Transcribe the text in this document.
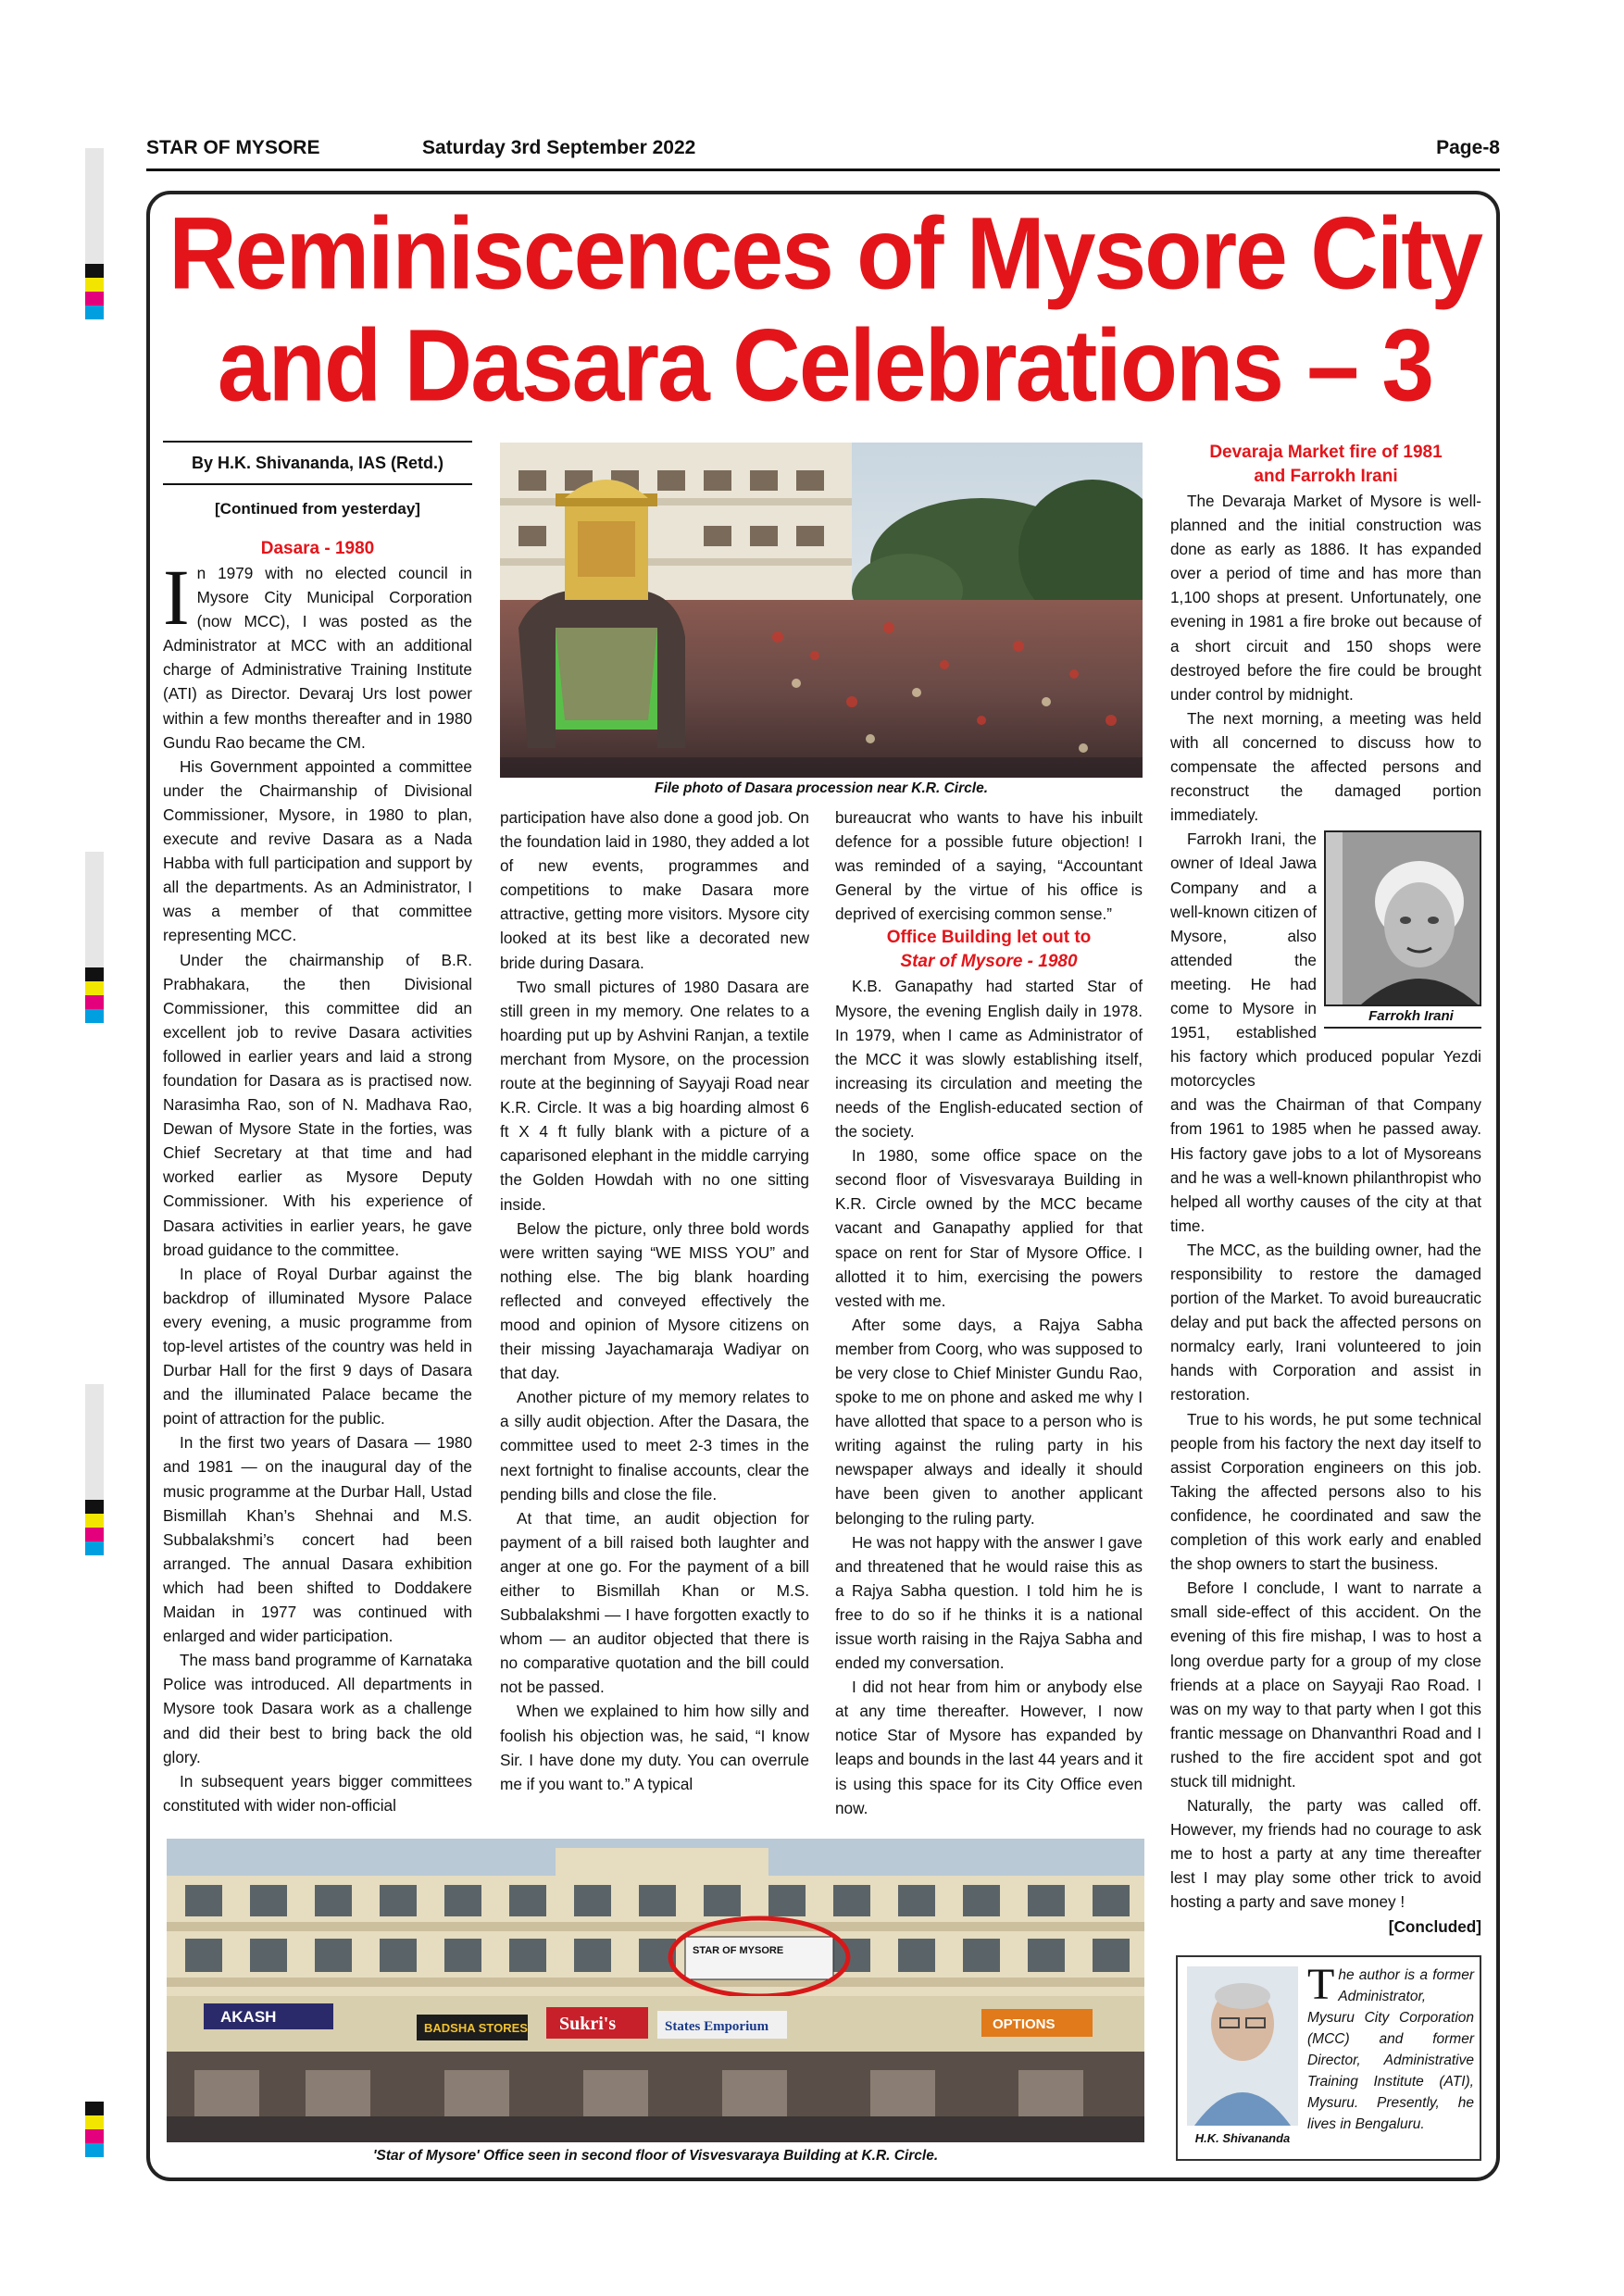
STAR OF MYSORE	Saturday 3rd September 2022	Page-8
Reminiscences of Mysore City
and Dasara Celebrations – 3
By H.K. Shivananda, IAS (Retd.)
[Continued from yesterday]

Dasara - 1980

In 1979 with no elected council in Mysore City Municipal Corporation (now MCC), I was posted as the Administrator at MCC with an additional charge of Administrative Training Institute (ATI) as Director. Devaraj Urs lost power within a few months thereafter and in 1980 Gundu Rao became the CM.

His Government appointed a committee under the Chairmanship of Divisional Commissioner, Mysore, in 1980 to plan, execute and revive Dasara as a Nada Habba with full participation and support by all the departments. As an Administrator, I was a member of that committee representing MCC.

Under the chairmanship of B.R. Prabhakara, the then Divisional Commissioner, this committee did an excellent job to revive Dasara activities followed in earlier years and laid a strong foundation for Dasara as is practised now. Narasimha Rao, son of N. Madhava Rao, Dewan of Mysore State in the forties, was Chief Secretary at that time and had worked earlier as Mysore Deputy Commissioner. With his experience of Dasara activities in earlier years, he gave broad guidance to the committee.

In place of Royal Durbar against the backdrop of illuminated Mysore Palace every evening, a music programme from top-level artistes of the country was held in Durbar Hall for the first 9 days of Dasara and the illuminated Palace became the point of attraction for the public.

In the first two years of Dasara — 1980 and 1981 — on the inaugural day of the music programme at the Durbar Hall, Ustad Bismillah Khan’s Shehnai and M.S. Subbalakshmi’s concert had been arranged. The annual Dasara exhibition which had been shifted to Doddakere Maidan in 1977 was continued with enlarged and wider participation.

The mass band programme of Karnataka Police was introduced. All departments in Mysore took Dasara work as a challenge and did their best to bring back the old glory.

In subsequent years bigger committees constituted with wider non-official

File photo of Dasara procession near K.R. Circle.

participation have also done a good job. On the foundation laid in 1980, they added a lot of new events, programmes and competitions to make Dasara more attractive, getting more visitors. Mysore city looked at its best like a decorated new bride during Dasara.

Two small pictures of 1980 Dasara are still green in my memory. One relates to a hoarding put up by Ashvini Ranjan, a textile merchant from Mysore, on the procession route at the beginning of Sayyaji Road near K.R. Circle. It was a big hoarding almost 6 ft X 4 ft fully blank with a picture of a caparisoned elephant in the middle carrying the Golden Howdah with no one sitting inside.

Below the picture, only three bold words were written saying “WE MISS YOU” and nothing else. The big blank hoarding reflected and conveyed effectively the mood and opinion of Mysore citizens on their missing Jayachamaraja Wadiyar on that day.

Another picture of my memory relates to a silly audit objection. After the Dasara, the committee used to meet 2-3 times in the next fortnight to finalise accounts, clear the pending bills and close the file.

At that time, an audit objection for payment of a bill raised both laughter and anger at one go. For the payment of a bill either to Bismillah Khan or M.S. Subbalakshmi — I have forgotten exactly to whom — an auditor objected that there is no comparative quotation and the bill could not be passed.

When we explained to him how silly and foolish his objection was, he said, “I know Sir. I have done my duty. You can overrule me if you want to.” A typical

bureaucrat who wants to have his inbuilt defence for a possible future objection! I was reminded of a saying, “Accountant General by the virtue of his office is deprived of exercising common sense.”

Office Building let out to
Star of Mysore - 1980

K.B. Ganapathy had started Star of Mysore, the evening English daily in 1978. In 1979, when I came as Administrator of the MCC it was slowly establishing itself, increasing its circulation and meeting the needs of the English-educated section of the society.

In 1980, some office space on the second floor of Visvesvaraya Building in K.R. Circle owned by the MCC became vacant and Ganapathy applied for that space on rent for Star of Mysore Office. I allotted it to him, exercising the powers vested with me.

After some days, a Rajya Sabha member from Coorg, who was supposed to be very close to Chief Minister Gundu Rao, spoke to me on phone and asked me why I have allotted that space to a person who is writing against the ruling party in his newspaper always and ideally it should have been given to another applicant belonging to the ruling party.

He was not happy with the answer I gave and threatened that he would raise this as a Rajya Sabha question. I told him he is free to do so if he thinks it is a national issue worth raising in the Rajya Sabha and ended my conversation.

I did not hear from him or anybody else at any time thereafter. However, I now notice Star of Mysore has expanded by leaps and bounds in the last 44 years and it is using this space for its City Office even now.

Devaraja Market fire of 1981
and Farrokh Irani

The Devaraja Market of Mysore is well-planned and the initial construction was done as early as 1886. It has expanded over a period of time and has more than 1,100 shops at present. Unfortunately, one evening in 1981 a fire broke out because of a short circuit and 150 shops were destroyed before the fire could be brought under control by midnight.

The next morning, a meeting was held with all concerned to discuss how to compensate the affected persons and reconstruct the damaged portion immediately.

Farrokh Irani
Farrokh Irani, the owner of Ideal Jawa Company and a well-known citizen of Mysore, also attended the meeting. He had come to Mysore in 1951, established his factory which produced popular Yezdi motorcycles

and was the Chairman of that Company from 1961 to 1985 when he passed away. His factory gave jobs to a lot of Mysoreans and he was a well-known philanthropist who helped all worthy causes of the city at that time.

The MCC, as the building owner, had the responsibility to restore the damaged portion of the Market. To avoid bureaucratic delay and put back the affected persons on normalcy early, Irani volunteered to join hands with Corporation and assist in restoration.

True to his words, he put some technical people from his factory the next day itself to assist Corporation engineers on this job. Taking the affected persons also to his confidence, he coordinated and saw the completion of this work early and enabled the shop owners to start the business.

Before I conclude, I want to narrate a small side-effect of this accident. On the evening of this fire mishap, I was to host a long overdue party for a group of my close friends at a place on Sayyaji Rao Road. I was on my way to that party when I got this frantic message on Dhanvanthri Road and I rushed to the fire accident spot and got stuck till midnight.

Naturally, the party was called off. However, my friends had no courage to ask me to host a party at any time thereafter lest I may play some other trick to avoid hosting a party and save money !

[Concluded]

STAR OF MYSORE
AKASH
BADSHA STORES Sukri's	States Emporium	OPTIONS
'Star of Mysore' Office seen in second floor of Visvesvaraya Building at K.R. Circle.
H.K. Shivananda
The author is a former Administrator, Mysuru City Corporation (MCC) and former Director, Administrative Training Institute (ATI), Mysuru. Presently, he lives in Bengaluru.
